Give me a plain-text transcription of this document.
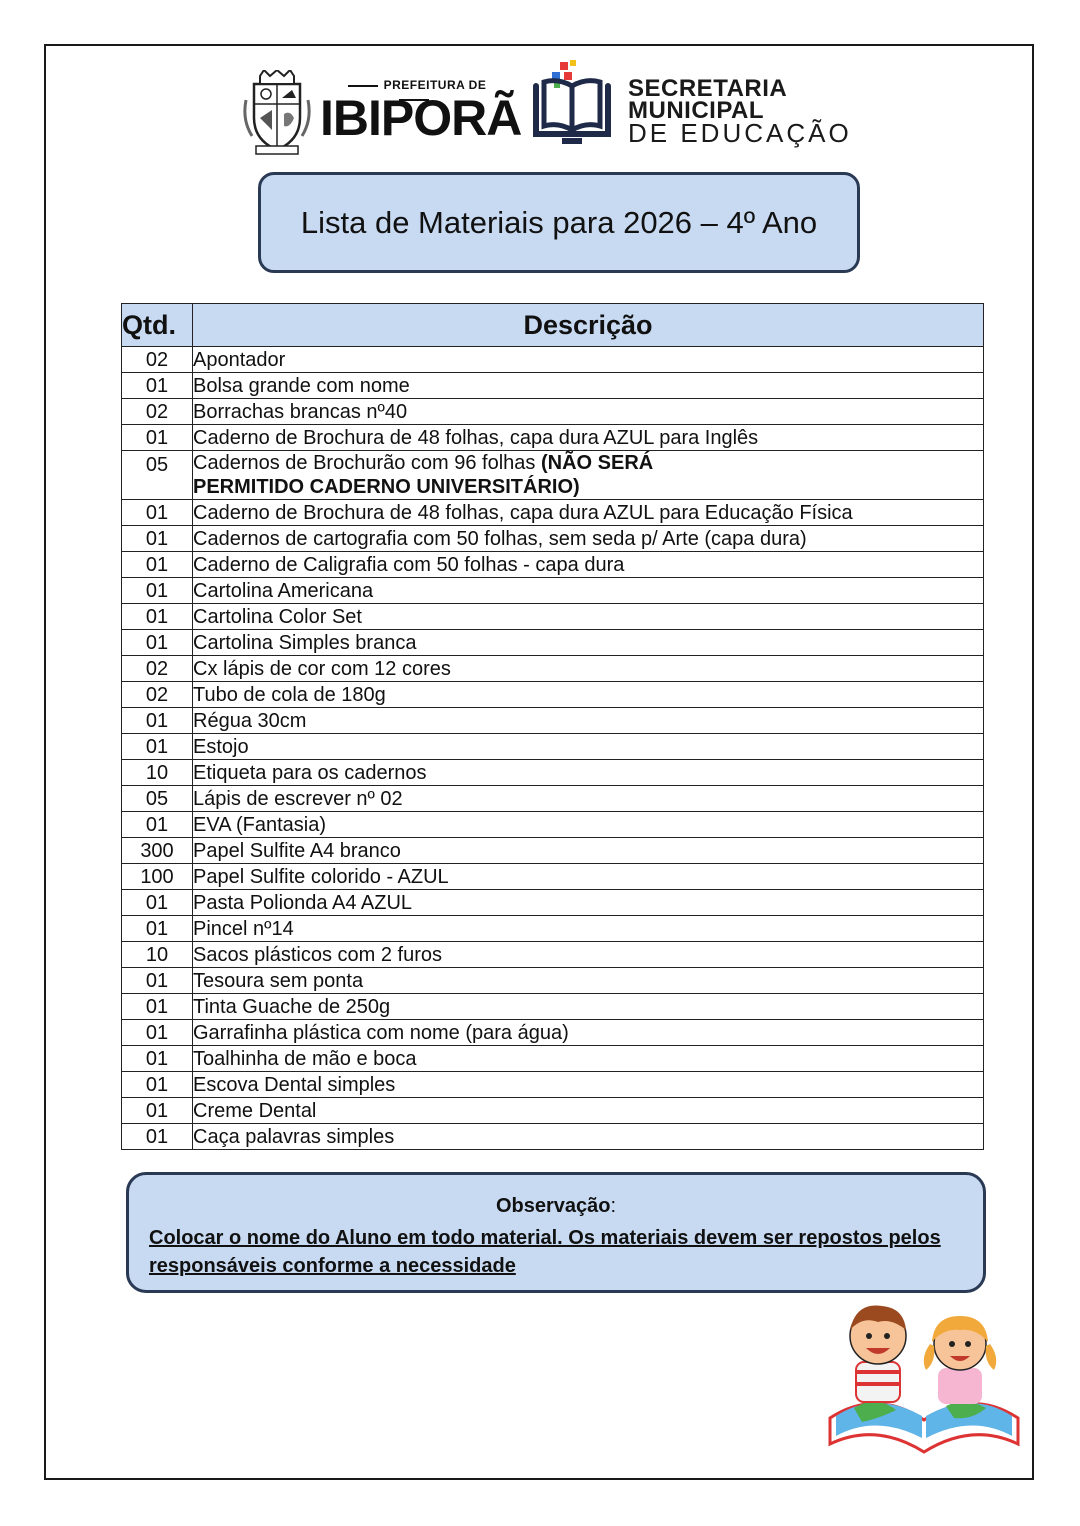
PREFEITURA DE
IBIPORÃ
SECRETARIA
MUNICIPAL
DE EDUCAÇÃO
Lista de Materiais para 2026 – 4º Ano
Qtd.	Descrição
02	Apontador
01	Bolsa grande com nome
02	Borrachas brancas nº40
01	Caderno de Brochura de 48 folhas, capa dura AZUL para Inglês
05	Cadernos de Brochurão com 96 folhas (NÃO SERÁ
PERMITIDO CADERNO UNIVERSITÁRIO)
01	Caderno de Brochura de 48 folhas, capa dura AZUL para Educação Física
01	Cadernos de cartografia com 50 folhas, sem seda p/ Arte (capa dura)
01	Caderno de Caligrafia com 50 folhas - capa dura
01	Cartolina Americana
01	Cartolina Color Set
01	Cartolina Simples branca
02	Cx lápis de cor com 12 cores
02	Tubo de cola de 180g
01	Régua 30cm
01	Estojo
10	Etiqueta para os cadernos
05	Lápis de escrever nº 02
01	EVA (Fantasia)
300	Papel Sulfite A4 branco
100	Papel Sulfite colorido - AZUL
01	Pasta Polionda A4 AZUL
01	Pincel nº14
10	Sacos plásticos com 2 furos
01	Tesoura sem ponta
01	Tinta Guache de 250g
01	Garrafinha plástica com nome (para água)
01	Toalhinha de mão e boca
01	Escova Dental simples
01	Creme Dental
01	Caça palavras simples
Observação:
Colocar o nome do Aluno em todo material. Os materiais devem ser repostos pelos responsáveis conforme a necessidade
